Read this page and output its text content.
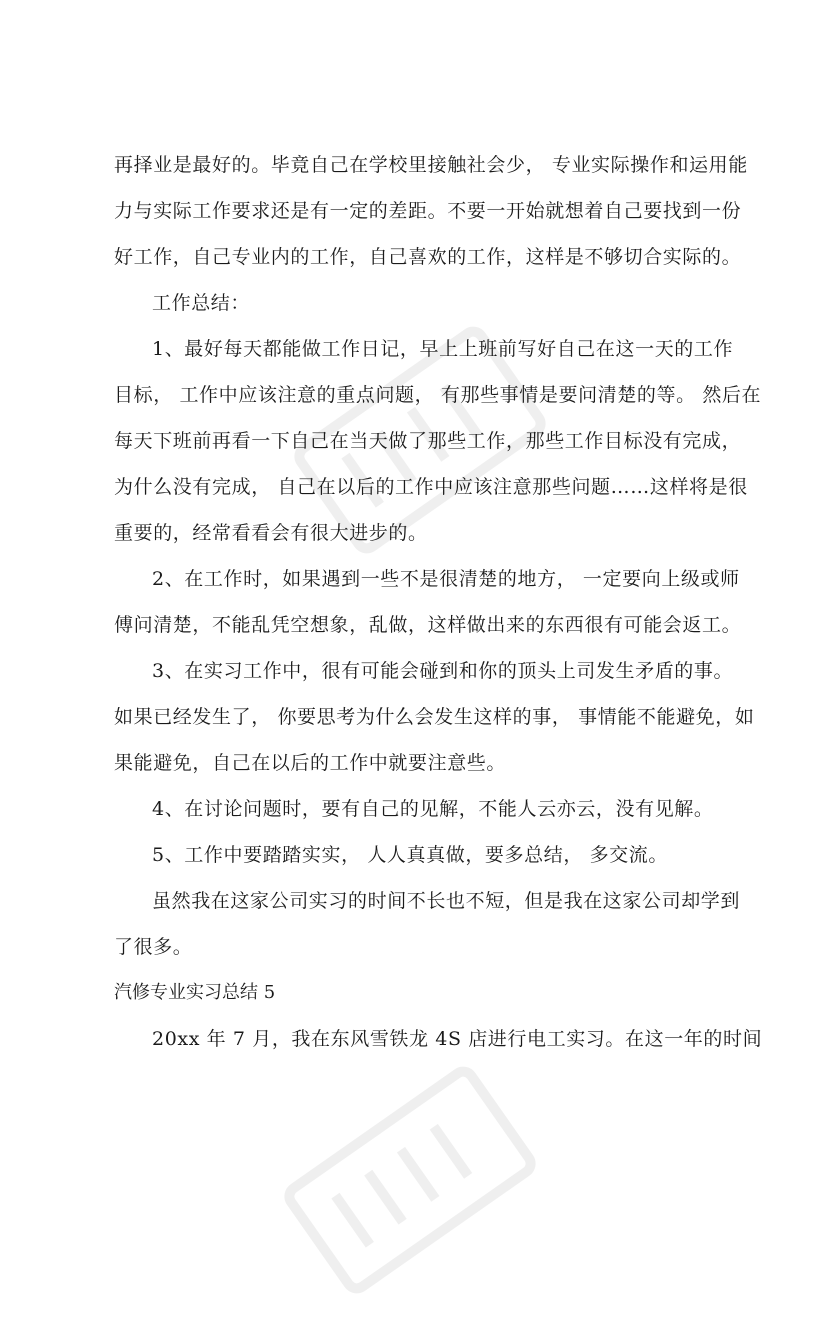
再择业是最好的。毕竟自己在学校里接触社会少， 专业实际操作和运用能
力与实际工作要求还是有一定的差距。不要一开始就想着自己要找到一份
好工作，自己专业内的工作，自己喜欢的工作，这样是不够切合实际的。
工作总结：
1、最好每天都能做工作日记，早上上班前写好自己在这一天的工作
目标， 工作中应该注意的重点问题， 有那些事情是要问清楚的等。 然后在
每天下班前再看一下自己在当天做了那些工作，那些工作目标没有完成，
为什么没有完成， 自己在以后的工作中应该注意那些问题……这样将是很
重要的，经常看看会有很大进步的。
2、在工作时，如果遇到一些不是很清楚的地方， 一定要向上级或师
傅问清楚，不能乱凭空想象，乱做，这样做出来的东西很有可能会返工。
3、在实习工作中，很有可能会碰到和你的顶头上司发生矛盾的事。
如果已经发生了， 你要思考为什么会发生这样的事， 事情能不能避免，如
果能避免，自己在以后的工作中就要注意些。
4、在讨论问题时，要有自己的见解，不能人云亦云，没有见解。
5、工作中要踏踏实实， 人人真真做，要多总结， 多交流。
虽然我在这家公司实习的时间不长也不短，但是我在这家公司却学到
了很多。
汽修专业实习总结 5
20xx 年 7 月，我在东风雪铁龙 4S 店进行电工实习。在这一年的时间
